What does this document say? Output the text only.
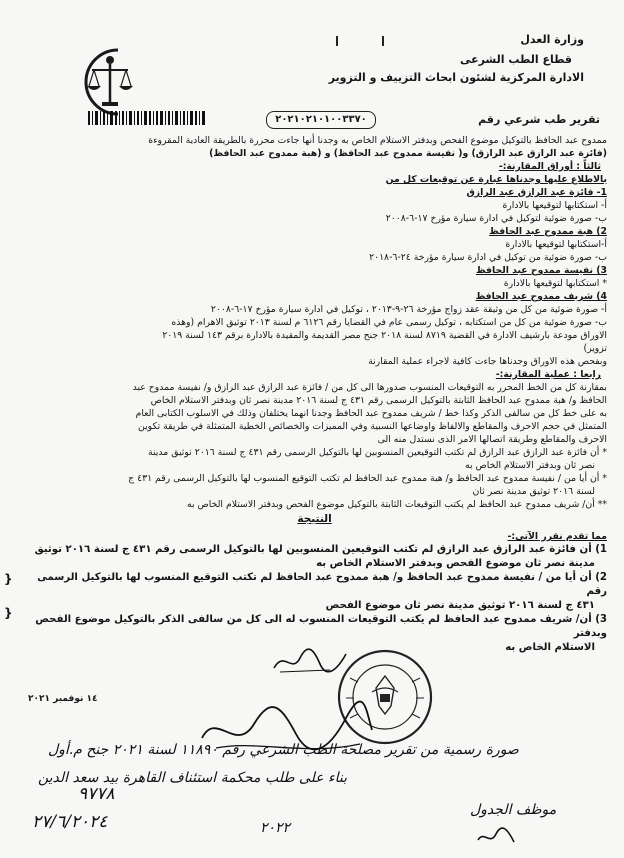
وزارة العدل
قطاع الطب الشرعى
الادارة المركزية لشئون ابحاث التزييف و التزوير
تقرير طب شرعي رقم
٢٠٢١٠٢١٠١٠٠٣٣٧٠

ممدوح عبد الحافظ بالتوكيل موضوع الفحص وبدفتر الاستلام الخاص به وجدنا أنها جاءت محررة بالطريقة العادية المقروءة

(فائزة عبد الرازق عبد الرازق) و( نفيسة ممدوح عبد الحافظ) و (هبة ممدوح عبد الحافظ)

ثالثاً : أوراق المقارنة:-

بالاطلاع عليها وجدناها عبارة عن توقيعات كل من

1- فائزة عبد الرازق عبد الرازق

أ- استكتابها لتوقيعها بالادارة

ب- صورة ضوئية لتوكيل في ادارة سيارة مؤرخ ١٧-٦-٢٠٠٨

2) هبة ممدوح عبد الحافظ

أ-استكتابها لتوقيعها بالادارة

ب- صورة ضوئية من توكيل في ادارة سيارة مؤرخة ٢٤-٦-٢٠١٨

3) نفيسة ممدوح عبد الحافظ

* استكتابها لتوقيعها بالادارة

4) شريف ممدوح عبد الحافظ

أ- صورة ضوئية من كل من وثيقة عقد زواج مؤرخة ٢٦-٩-٢٠١٣ ، توكيل في ادارة سيارة مؤرخ ١٧-٦-٢٠٠٨

ب- صورة ضوئية من كل من استكتابه ، توكيل رسمى عام في القضايا رقم ٦١٢٦ م لسنة ٢٠١٣ توثيق الاهرام (وهذه

الاوراق مودعة بارشيف الادارة في القضية ٨٧١٩ لسنة ٢٠١٨ جنح مصر القديمة والمقيدة بالادارة برقم ١٤٣ لسنة ٢٠١٩

تزوير)

وبفحص هذه الاوراق وجدناها جاءت كافية لاجراء عملية المقارنة

رابعا : عملية المقارنة:-

بمقارنة كل من الخط المحرر به التوقيعات المنسوب صدورها الى كل من / فائزة عبد الرازق عبد الرازق و/ نفيسة ممدوح عبد

الحافظ و/ هبة ممدوح عبد الحافظ الثابتة بالتوكيل الرسمى رقم ٤٣١ ج لسنة ٢٠١٦ مدينة نصر ثان وبدفتر الاستلام الخاص

به على خط كل من سالفى الذكر وكذا خط / شريف ممدوح عبد الحافظ وجدنا انهما يختلفان وذلك في الاسلوب الكتابى العام

المتمثل في حجم الاحرف والمقاطع والالفاظ واوضاعها النسبية وفي المميزات والخصائص الخطية المتمثلة في طريقة تكوين

الاحرف والمقاطع وطريقة اتصالها الامر الذى نستدل منه الى

* أن فائزة عبد الرازق عبد الرازق لم تكتب التوقيعين المنسوبين لها بالتوكيل الرسمى رقم ٤٣١ ج لسنة ٢٠١٦ توثيق مدينة

نصر ثان وبدفتر الاستلام الخاص به

* أن أيا من / نفيسة ممدوح عبد الحافظ و/ هبة ممدوح عبد الحافظ لم تكتب التوقيع المنسوب لها بالتوكيل الرسمى رقم ٤٣١ ج

لسنة ٢٠١٦ توثيق مدينة نصر ثان

** أن/ شريف ممدوح عبد الحافظ لم يكتب التوقيعات الثابتة بالتوكيل موضوع الفحص وبدفتر الاستلام الخاص به

النتيجة

مما تقدم نقرر الآتى:-

1) أن فائزة عبد الرازق عبد الرازق لم تكتب التوقيعين المنسوبين لها بالتوكيل الرسمى رقم ٤٣١ ج لسنة ٢٠١٦ توثيق

مدينة نصر ثان موضوع الفحص وبدفتر الاستلام الخاص به

2) أن أيا من / نفيسة ممدوح عبد الحافظ و/ هبة ممدوح عبد الحافظ لم تكتب التوقيع المنسوب لها بالتوكيل الرسمى رقم

٤٣١ ج لسنة ٢٠١٦ توثيق مدينة نصر ثان موضوع الفحص

3) أن/ شريف ممدوح عبد الحافظ لم يكتب التوقيعات المنسوب له الى كل من سالفى الذكر بالتوكيل موضوع الفحص وبدفتر

الاستلام الخاص به

}
}
١٤ نوفمبر ٢٠٢١
صورة رسمية من تقرير مصلحة الطب الشرعي رقم ١١٨٩٠ لسنة ٢٠٢١ جنح م.أول
بناء على طلب محكمة استئناف القاهرة بيد سعد الدين
٩٧٧٨
٢٧/٦/٢٠٢٤
موظف الجدول
٢٠٢٢
